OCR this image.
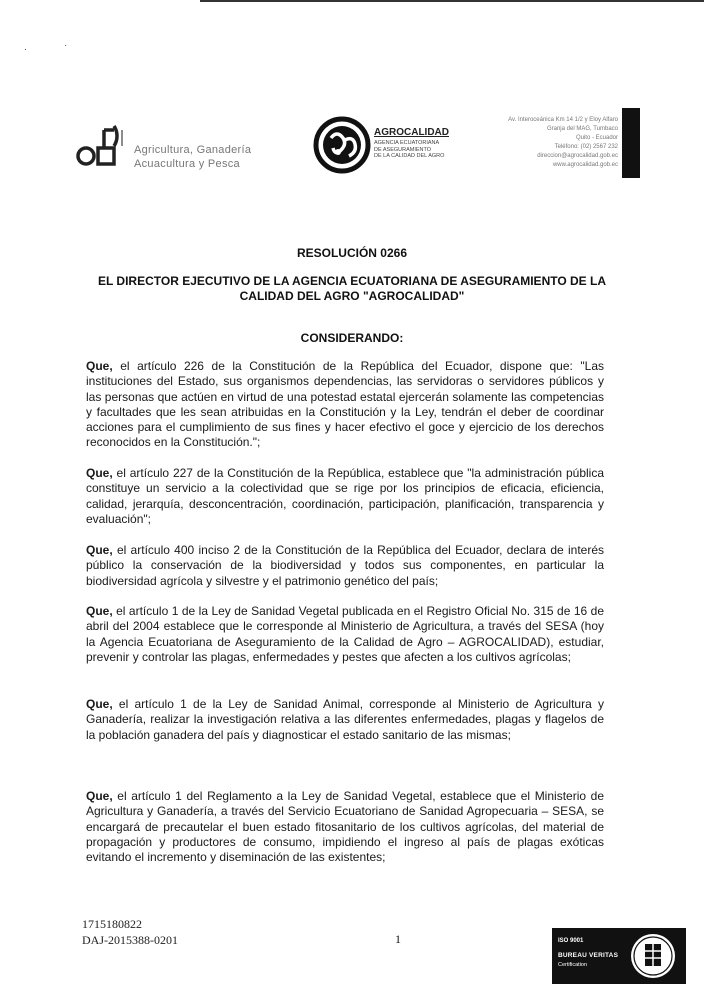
.	·
Agricultura, Ganadería
Acuacultura y Pesca
AGROCALIDAD
AGENCIA ECUATORIANA
DE ASEGURAMIENTO
DE LA CALIDAD DEL AGRO
Av. Interoceánica Km 14 1/2 y Eloy Alfaro
Granja del MAG, Tumbaco
Quito - Ecuador
Teléfono: (02) 2567 232
direccion@agrocalidad.gob.ec
www.agrocalidad.gob.ec
RESOLUCIÓN 0266
EL DIRECTOR EJECUTIVO DE LA AGENCIA ECUATORIANA DE ASEGURAMIENTO DE LA CALIDAD DEL AGRO "AGROCALIDAD"
CONSIDERANDO:
Que, el artículo 226 de la Constitución de la República del Ecuador, dispone que: "Las instituciones del Estado, sus organismos dependencias, las servidoras o servidores públicos y las personas que actúen en virtud de una potestad estatal ejercerán solamente las competencias y facultades que les sean atribuidas en la Constitución y la Ley, tendrán el deber de coordinar acciones para el cumplimiento de sus fines y hacer efectivo el goce y ejercicio de los derechos reconocidos en la Constitución.";
Que, el artículo 227 de la Constitución de la República, establece que "la administración pública constituye un servicio a la colectividad que se rige por los principios de eficacia, eficiencia, calidad, jerarquía, desconcentración, coordinación, participación, planificación, transparencia y evaluación";
Que, el artículo 400 inciso 2 de la Constitución de la República del Ecuador, declara de interés público la conservación de la biodiversidad y todos sus componentes, en particular la biodiversidad agrícola y silvestre y el patrimonio genético del país;
Que, el artículo 1 de la Ley de Sanidad Vegetal publicada en el Registro Oficial No. 315 de 16 de abril del 2004 establece que le corresponde al Ministerio de Agricultura, a través del SESA (hoy la Agencia Ecuatoriana de Aseguramiento de la Calidad de Agro – AGROCALIDAD), estudiar, prevenir y controlar las plagas, enfermedades y pestes que afecten a los cultivos agrícolas;
Que, el artículo 1 de la Ley de Sanidad Animal, corresponde al Ministerio de Agricultura y Ganadería, realizar la investigación relativa a las diferentes enfermedades, plagas y flagelos de la población ganadera del país y diagnosticar el estado sanitario de las mismas;
Que, el artículo 1 del Reglamento a la Ley de Sanidad Vegetal, establece que el Ministerio de Agricultura y Ganadería, a través del Servicio Ecuatoriano de Sanidad Agropecuaria – SESA, se encargará de precautelar el buen estado fitosanitario de los cultivos agrícolas, del material de propagación y productores de consumo, impidiendo el ingreso al país de plagas exóticas evitando el incremento y diseminación de las existentes;
1715180822
DAJ-2015388-0201	1	ISO 9001
BUREAU VERITAS
Certification
